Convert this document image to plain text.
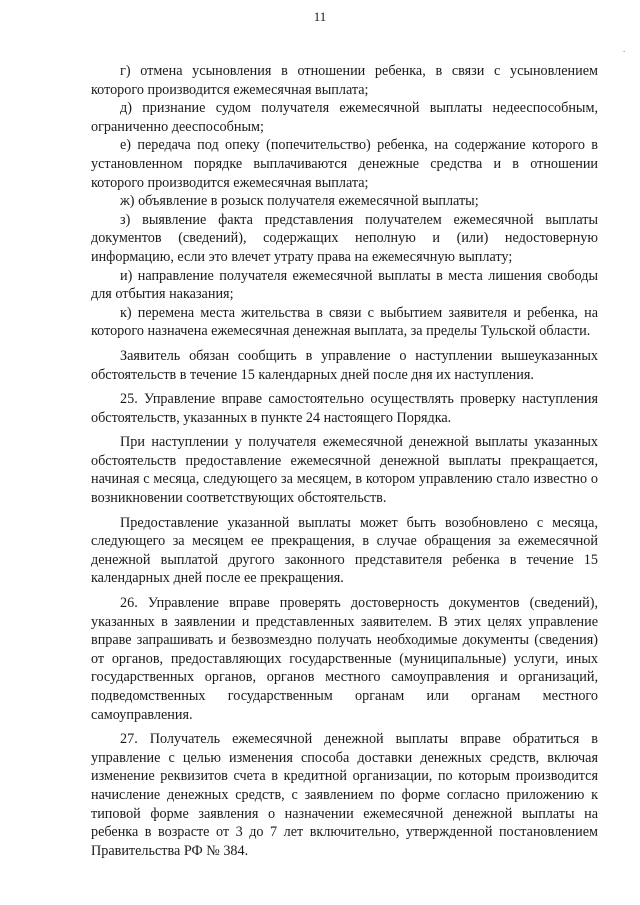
11
.

г) отмена усыновления в отношении ребенка, в связи с усыновлением которого производится ежемесячная выплата;

д) признание судом получателя ежемесячной выплаты недееспособным, ограниченно дееспособным;

е) передача под опеку (попечительство) ребенка, на содержание которого в установленном порядке выплачиваются денежные средства и в отношении которого производится ежемесячная выплата;

ж) объявление в розыск получателя ежемесячной выплаты;

з) выявление факта представления получателем ежемесячной выплаты документов (сведений), содержащих неполную и (или) недостоверную информацию, если это влечет утрату права на ежемесячную выплату;

и) направление получателя ежемесячной выплаты в места лишения свободы для отбытия наказания;

к) перемена места жительства в связи с выбытием заявителя и ребенка, на которого назначена ежемесячная денежная выплата, за пределы Тульской области.

Заявитель обязан сообщить в управление о наступлении вышеуказанных обстоятельств в течение 15 календарных дней после дня их наступления.

25. Управление вправе самостоятельно осуществлять проверку наступления обстоятельств, указанных в пункте 24 настоящего Порядка.

При наступлении у получателя ежемесячной денежной выплаты указанных обстоятельств предоставление ежемесячной денежной выплаты прекращается, начиная с месяца, следующего за месяцем, в котором управлению стало известно о возникновении соответствующих обстоятельств.

Предоставление указанной выплаты может быть возобновлено с месяца, следующего за месяцем ее прекращения, в случае обращения за ежемесячной денежной выплатой другого законного представителя ребенка в течение 15 календарных дней после ее прекращения.

26. Управление вправе проверять достоверность документов (сведений), указанных в заявлении и представленных заявителем. В этих целях управление вправе запрашивать и безвозмездно получать необходимые документы (сведения) от органов, предоставляющих государственные (муниципальные) услуги, иных государственных органов, органов местного самоуправления и организаций, подведомственных государственным органам или органам местного самоуправления.

27. Получатель ежемесячной денежной выплаты вправе обратиться в управление с целью изменения способа доставки денежных средств, включая изменение реквизитов счета в кредитной организации, по которым производится начисление денежных средств, с заявлением по форме согласно приложению к типовой форме заявления о назначении ежемесячной денежной выплаты на ребенка в возрасте от 3 до 7 лет включительно, утвержденной постановлением Правительства РФ № 384.
